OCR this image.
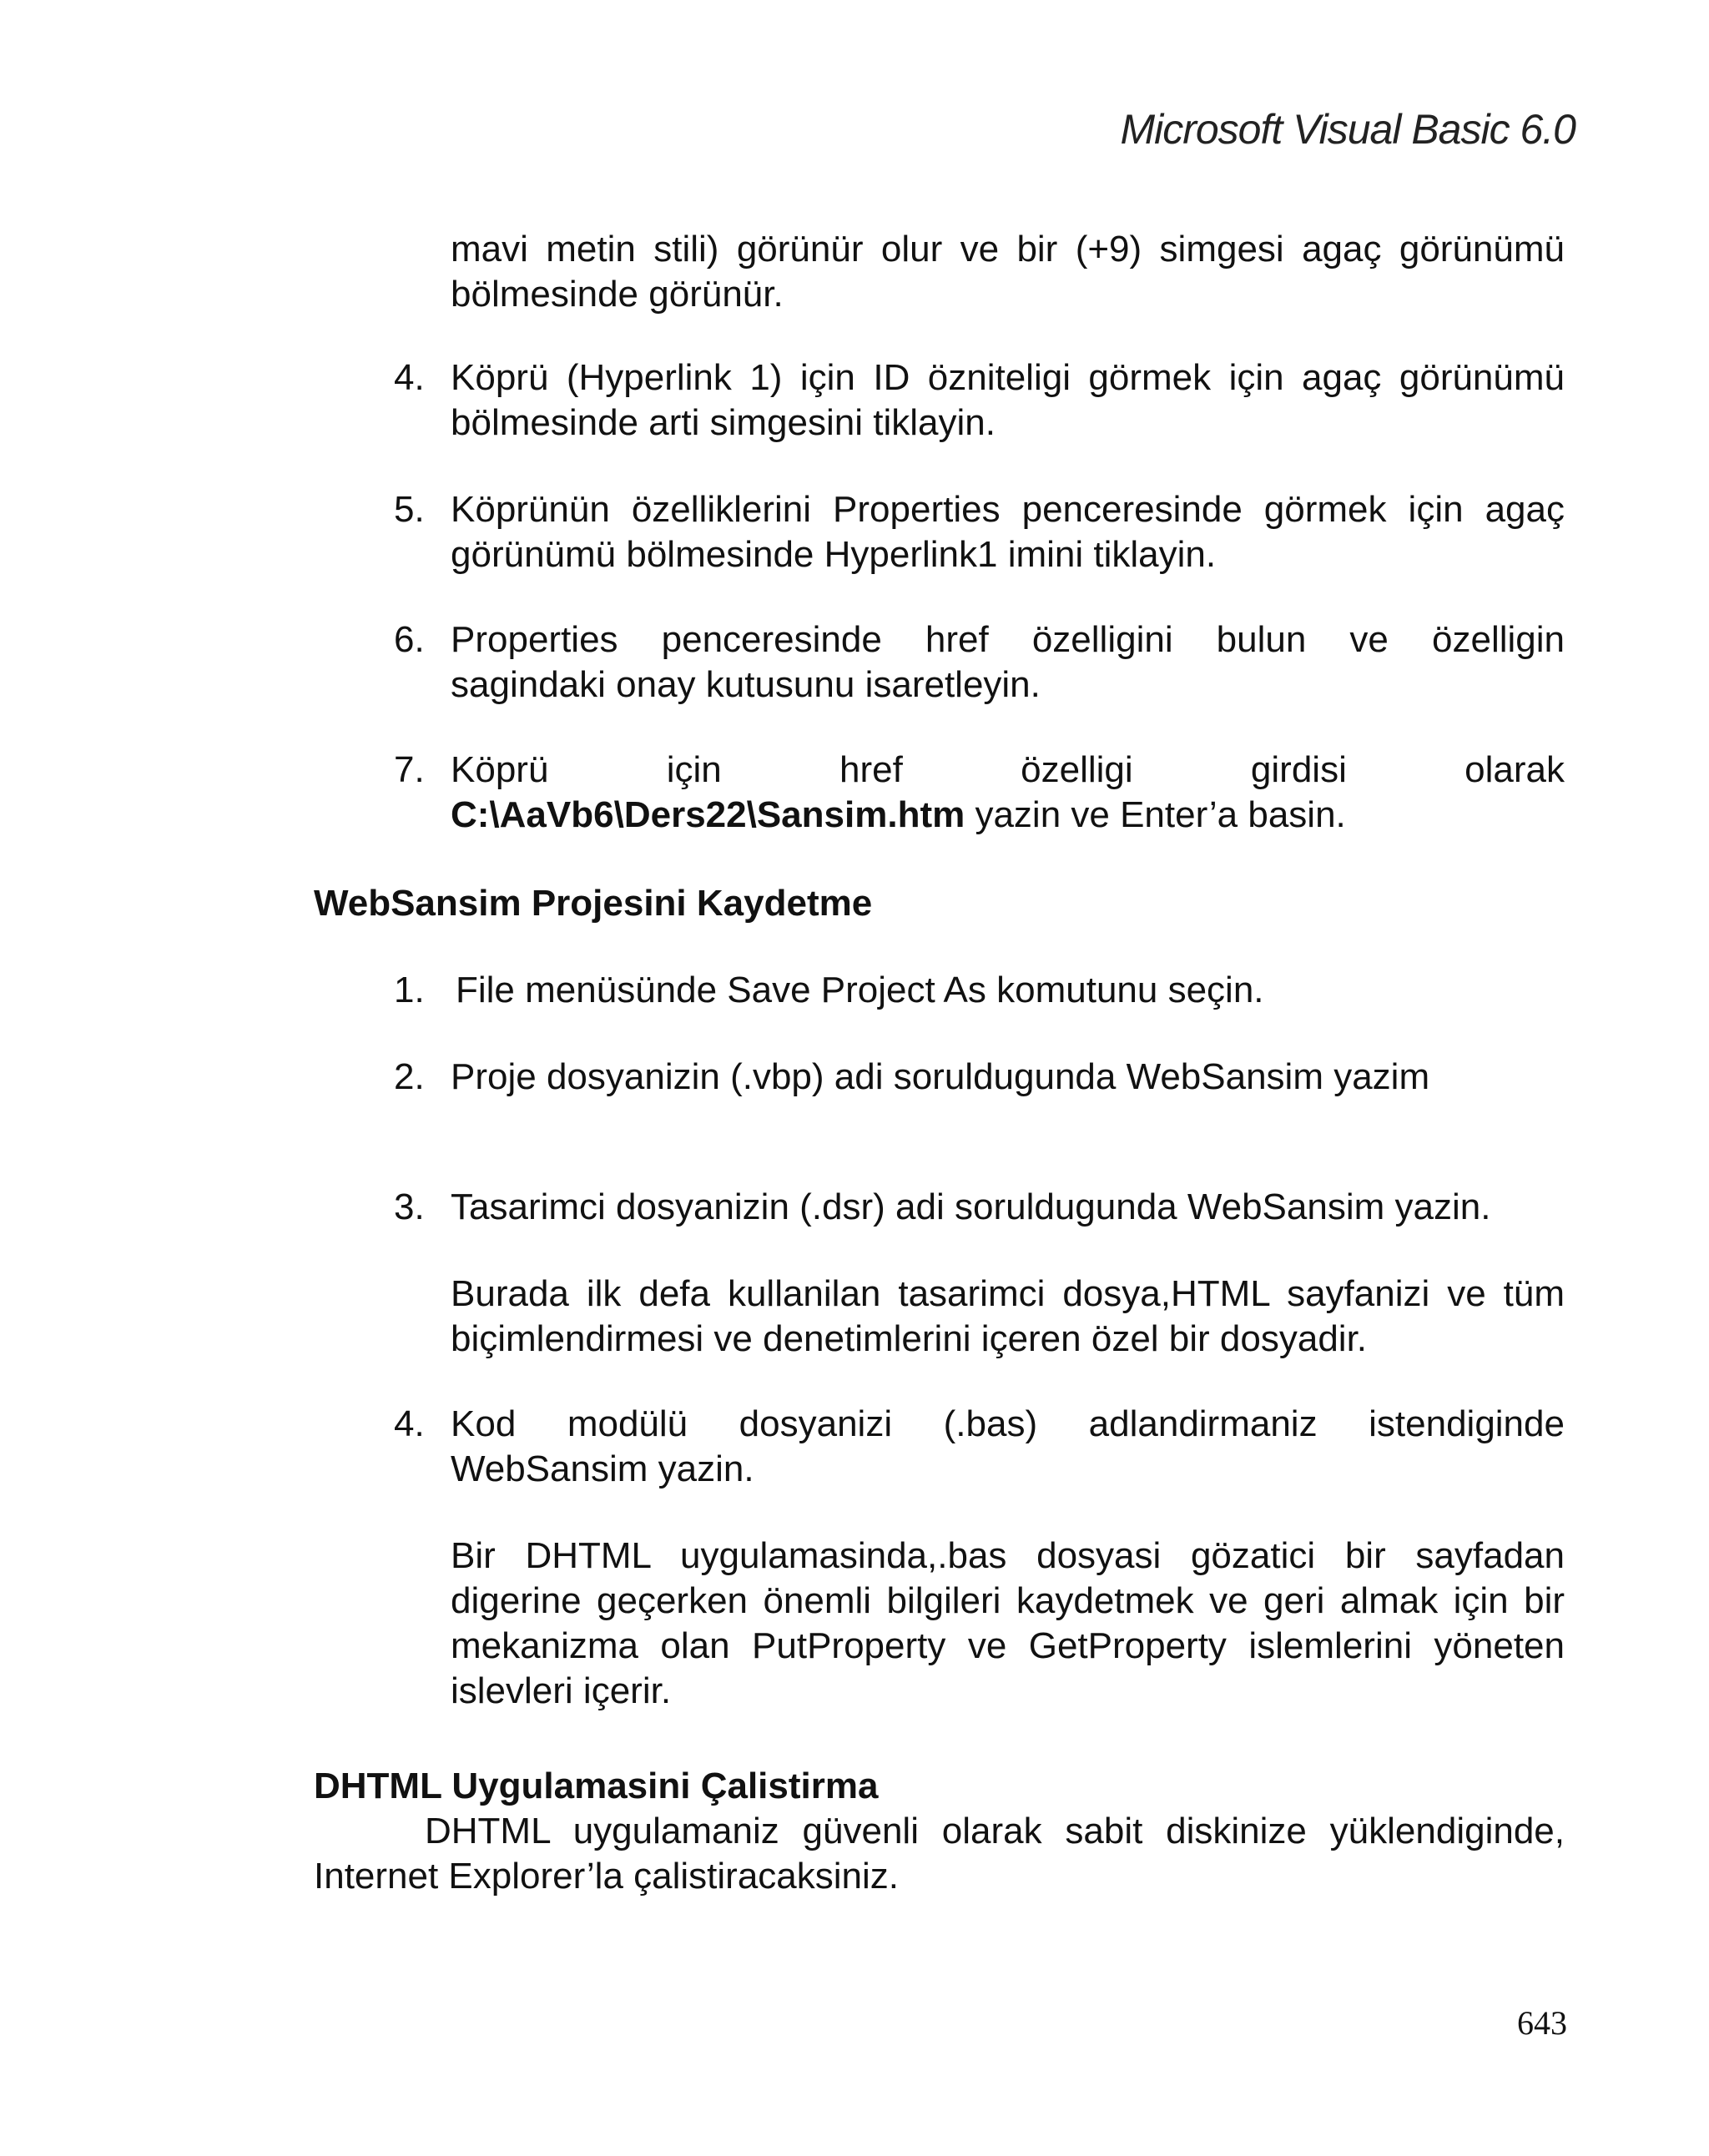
Microsoft Visual Basic 6.0
mavi metin stili) görünür olur ve bir (+9) simgesi agaç görünümü
bölmesinde görünür.
4. Köprü (Hyperlink 1) için ID özniteligi görmek için agaç görünümü
bölmesinde arti simgesini tiklayin.
5. Köprünün özelliklerini Properties penceresinde görmek için agaç
görünümü bölmesinde Hyperlink1 imini tiklayin.
6. Properties penceresinde href özelligini bulun ve özelligin
sagindaki onay kutusunu isaretleyin.
7. Köprü	için	href	özelligi	girdisi	olarak
C:\AaVb6\Ders22\Sansim.htm yazin ve Enter’a basin.
WebSansim Projesini Kaydetme
1. File menüsünde Save Project As komutunu seçin.
2. Proje dosyanizin (.vbp) adi soruldugunda WebSansim yazim
3. Tasarimci dosyanizin (.dsr) adi soruldugunda WebSansim yazin.
Burada ilk defa kullanilan tasarimci dosya,HTML sayfanizi ve tüm
biçimlendirmesi ve denetimlerini içeren özel bir dosyadir.
4. Kod modülü dosyanizi (.bas) adlandirmaniz istendiginde
WebSansim yazin.
Bir DHTML uygulamasinda,.bas dosyasi gözatici bir sayfadan
digerine geçerken önemli bilgileri kaydetmek ve geri almak için bir
mekanizma olan PutProperty ve GetProperty islemlerini yöneten
islevleri içerir.
DHTML Uygulamasini Çalistirma
DHTML uygulamaniz güvenli olarak sabit diskinize yüklendiginde,
Internet Explorer’la çalistiracaksiniz.
643
